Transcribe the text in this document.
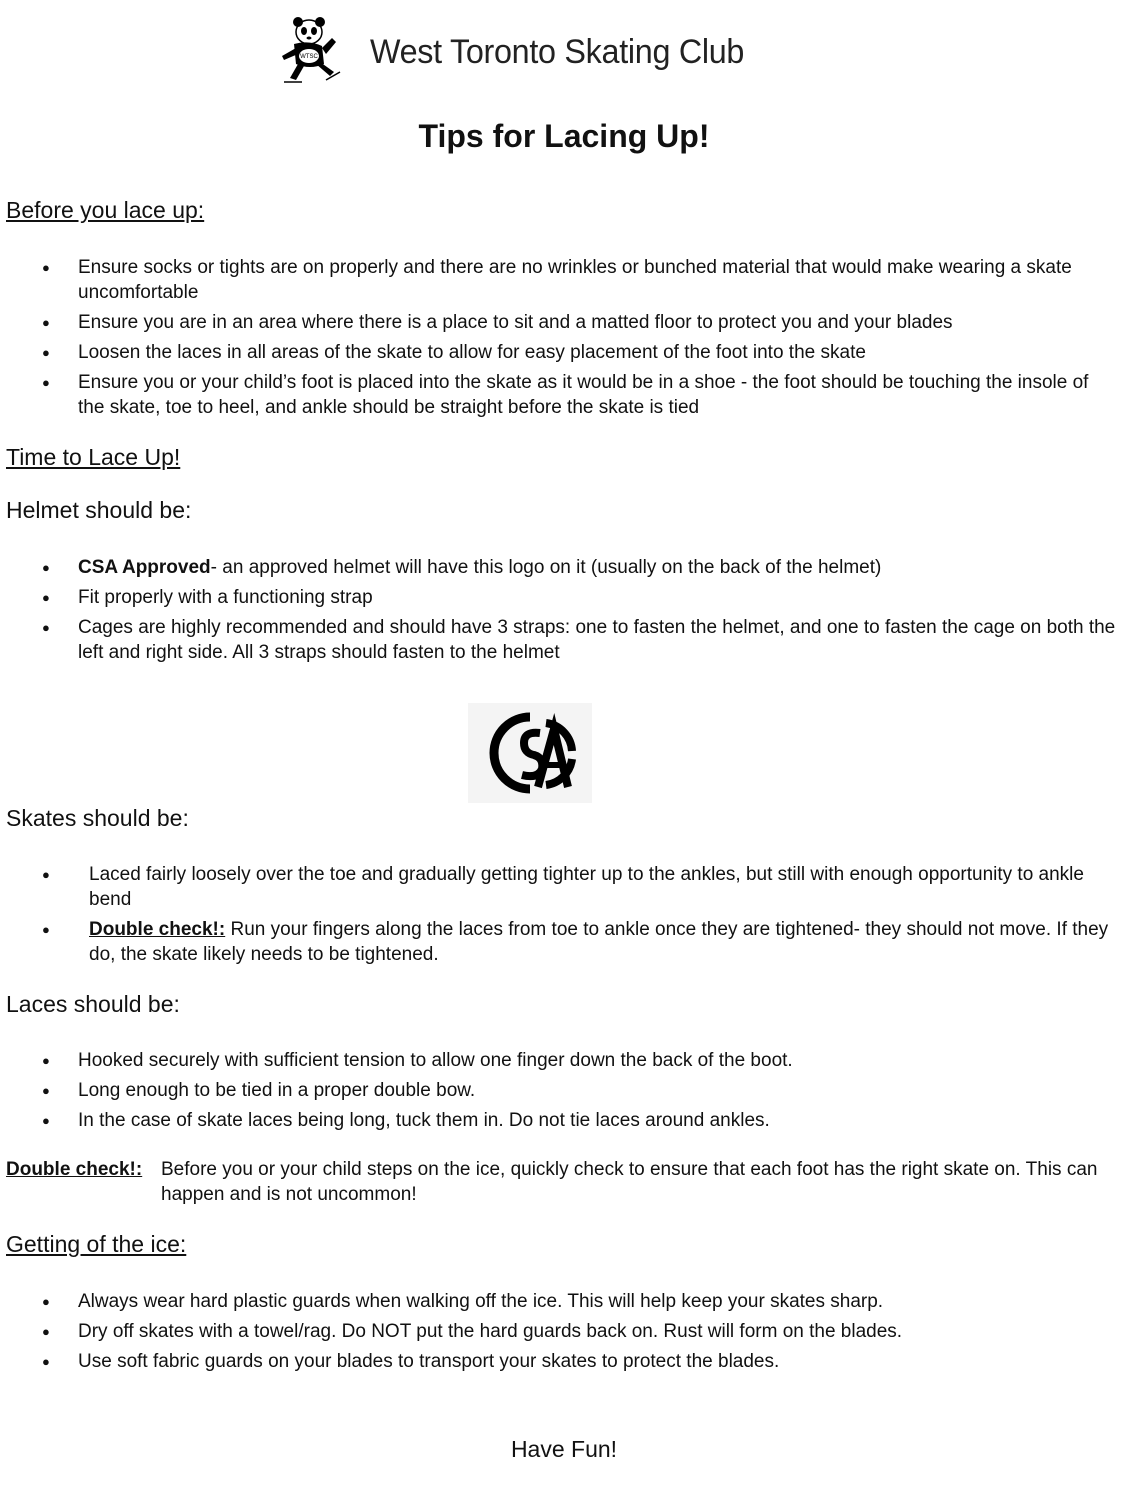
WTSC West Toronto Skating Club
Tips for Lacing Up!
Before you lace up:
● Ensure socks or tights are on properly and there are no wrinkles or bunched material that would make wearing a skate uncomfortable
● Ensure you are in an area where there is a place to sit and a matted floor to protect you and your blades
● Loosen the laces in all areas of the skate to allow for easy placement of the foot into the skate
● Ensure you or your child’s foot is placed into the skate as it would be in a shoe - the foot should be touching the insole of the skate, toe to heel, and ankle should be straight before the skate is tied
Time to Lace Up!
Helmet should be:
● CSA Approved- an approved helmet will have this logo on it (usually on the back of the helmet)
● Fit properly with a functioning strap
● Cages are highly recommended and should have 3 straps: one to fasten the helmet, and one to fasten the cage on both the left and right side. All 3 straps should fasten to the helmet
Skates should be:
● Laced fairly loosely over the toe and gradually getting tighter up to the ankles, but still with enough opportunity to ankle bend
● Double check!: Run your fingers along the laces from toe to ankle once they are tightened- they should not move. If they do, the skate likely needs to be tightened.
Laces should be:
● Hooked securely with sufficient tension to allow one finger down the back of the boot.
● Long enough to be tied in a proper double bow.
● In the case of skate laces being long, tuck them in. Do not tie laces around ankles.
Double check!: Before you or your child steps on the ice, quickly check to ensure that each foot has the right skate on. This can happen and is not uncommon!
Getting of the ice:
● Always wear hard plastic guards when walking off the ice. This will help keep your skates sharp.
● Dry off skates with a towel/rag. Do NOT put the hard guards back on. Rust will form on the blades.
● Use soft fabric guards on your blades to transport your skates to protect the blades.
Have Fun!
